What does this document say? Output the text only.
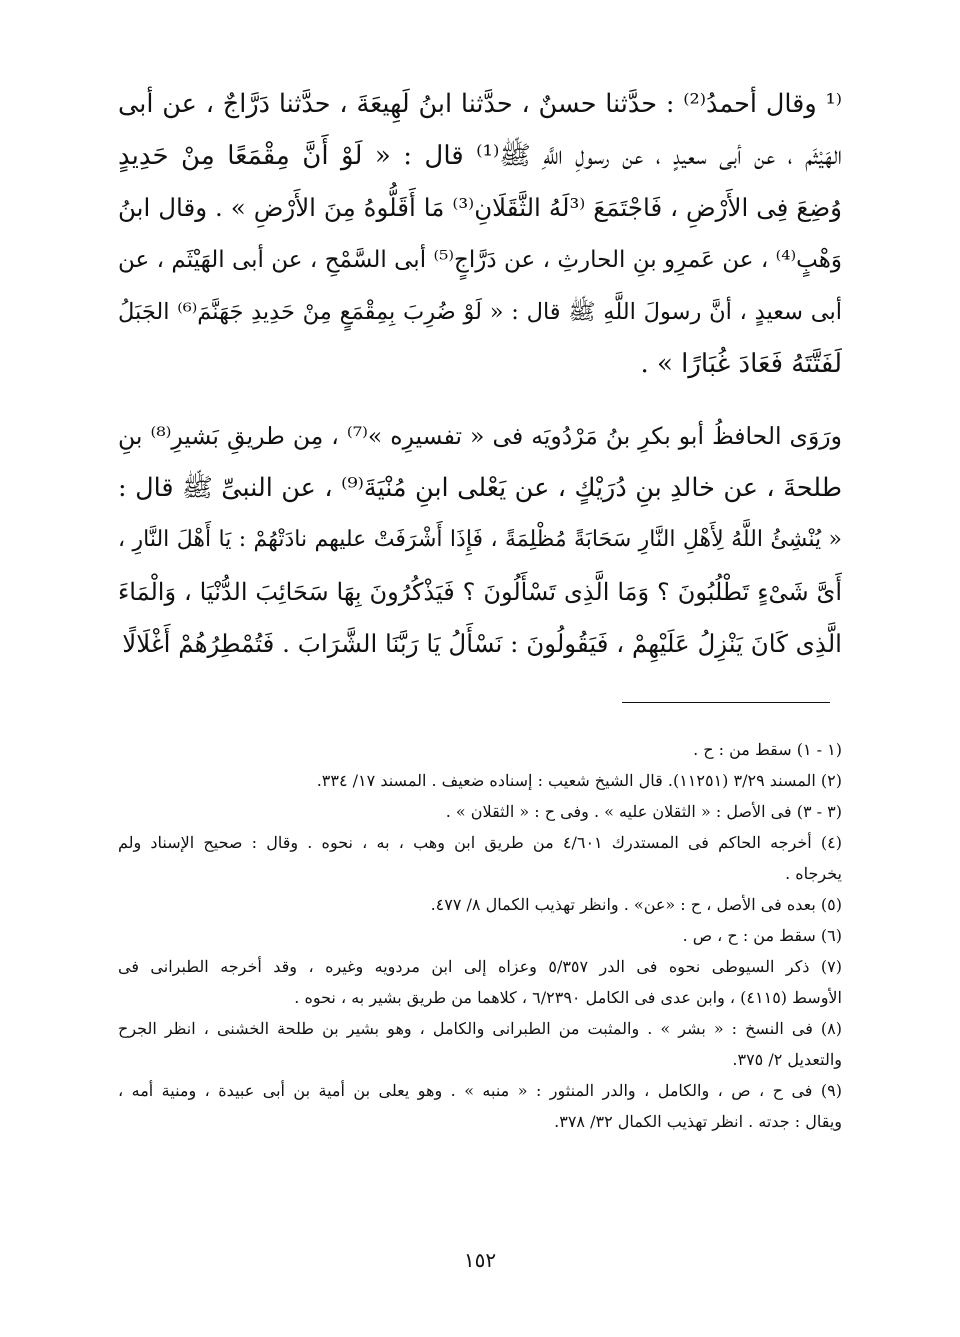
⁽¹ وقال أحمدُ⁽²⁾ : حدَّثنا حسنٌ ، حدَّثنا ابنُ لَهِيعَةَ ، حدَّثنا دَرَّاجٌ ، عن أبى
الهَيْثَم ، عن أبى سعيدٍ ، عن رسولِ اللَّهِ ﷺ⁽¹⁾ قال : « لَوْ أَنَّ مِقْمَعًا مِنْ حَدِيدٍ
وُضِعَ فِى الأَرْضِ ، فَاجْتَمَعَ ⁽³لَهُ الثَّقَلَانِ⁽³⁾ مَا أَقَلُّوهُ مِنَ الأَرْضِ » . وقال ابنُ
وَهْبٍ⁽⁴⁾ ، عن عَمرِو بنِ الحارثِ ، عن دَرَّاجٍ⁽⁵⁾ أبى السَّمْحِ ، عن أبى الهَيْثَم ، عن
أبى سعيدٍ ، أنَّ رسولَ اللَّهِ ﷺ قال : « لَوْ ضُرِبَ بِمِقْمَعٍ مِنْ حَدِيدِ جَهَنَّمَ⁽⁶⁾ الجَبَلُ
لَفَتَّتَهُ فَعَادَ غُبَارًا » .
ورَوَى الحافظُ أبو بكرِ بنُ مَرْدُويَه فى « تفسيرِه »⁽⁷⁾ ، مِن طريقِ بَشيرِ⁽⁸⁾ بنِ
طلحةَ ، عن خالدِ بنِ دُرَيْكٍ ، عن يَعْلى ابنِ مُنْيَةَ⁽⁹⁾ ، عن النبىِّ ﷺ قال :
« يُنْشِئُ اللَّهُ لِأَهْلِ النَّارِ سَحَابَةً مُظْلِمَةً ، فَإِذَا أَشْرَفَتْ عليهم نادَتْهُمْ : يَا أَهْلَ النَّارِ ،
أَىَّ شَىْءٍ تَطْلُبُونَ ؟ وَمَا الَّذِى تَسْأَلُونَ ؟ فَيَذْكُرُونَ بِهَا سَحَائِبَ الدُّنْيَا ، وَالْمَاءَ
الَّذِى كَانَ يَنْزِلُ عَلَيْهِمْ ، فَيَقُولُونَ : نَسْأَلُ يَا رَبَّنَا الشَّرَابَ . فَتُمْطِرُهُمْ أَغْلَالًا
(١ - ١) سقط من : ح .
(٢) المسند ٣/٢٩ (١١٢٥١). قال الشيخ شعيب : إسناده ضعيف . المسند ١٧/ ٣٣٤.
(٣ - ٣) فى الأصل : « الثقلان عليه » . وفى ح : « الثقلان » .
(٤) أخرجه الحاكم فى المستدرك ٤/٦٠١ من طريق ابن وهب ، به ، نحوه . وقال : صحيح الإسناد ولم
يخرجاه .
(٥) بعده فى الأصل ، ح : «عن» . وانظر تهذيب الكمال ٨/ ٤٧٧.
(٦) سقط من : ح ، ص .
(٧) ذكر السيوطى نحوه فى الدر ٥/٣٥٧ وعزاه إلى ابن مردويه وغيره ، وقد أخرجه الطبرانى فى
الأوسط (٤١١٥) ، وابن عدى فى الكامل ٦/٢٣٩٠ ، كلاهما من طريق بشير به ، نحوه .
(٨) فى النسخ : « بشر » . والمثبت من الطبرانى والكامل ، وهو بشير بن طلحة الخشنى ، انظر الجرح
والتعديل ٢/ ٣٧٥.
(٩) فى ح ، ص ، والكامل ، والدر المنثور : « منبه » . وهو يعلى بن أمية بن أبى عبيدة ، ومنية أمه ،
ويقال : جدته . انظر تهذيب الكمال ٣٢/ ٣٧٨.
١٥٢
